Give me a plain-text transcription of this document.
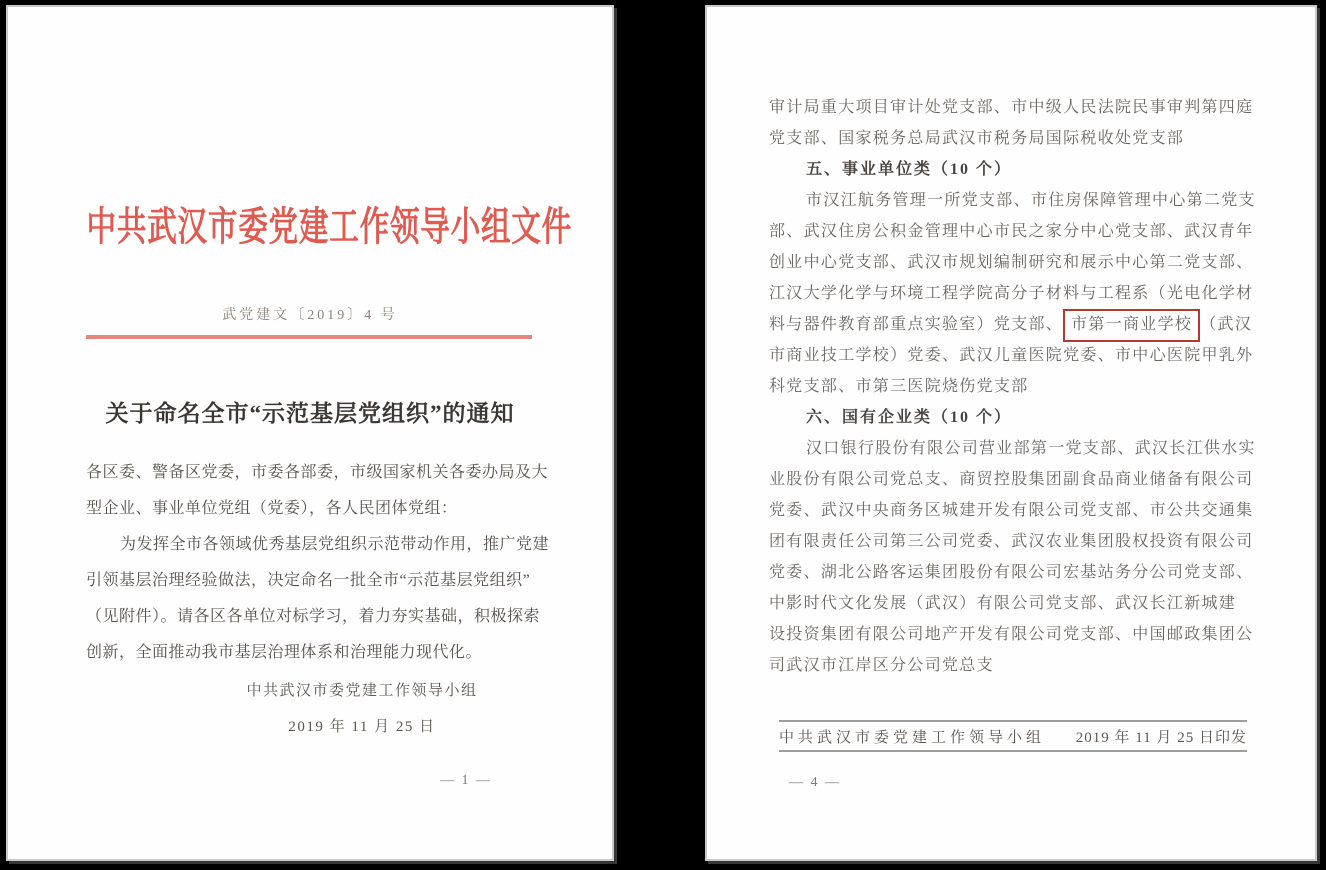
中共武汉市委党建工作领导小组文件
武党建文〔2019〕4 号
关于命名全市“示范基层党组织”的通知
各区委、警备区党委，市委各部委，市级国家机关各委办局及大
型企业、事业单位党组（党委），各人民团体党组：
为发挥全市各领域优秀基层党组织示范带动作用，推广党建
引领基层治理经验做法，决定命名一批全市“示范基层党组织”
（见附件）。请各区各单位对标学习，着力夯实基础，积极探索
创新，全面推动我市基层治理体系和治理能力现代化。
中共武汉市委党建工作领导小组
2019 年 11 月 25 日
— 1 —
审计局重大项目审计处党支部、市中级人民法院民事审判第四庭
党支部、国家税务总局武汉市税务局国际税收处党支部
五、事业单位类（10 个）
市汉江航务管理一所党支部、市住房保障管理中心第二党支
部、武汉住房公积金管理中心市民之家分中心党支部、武汉青年
创业中心党支部、武汉市规划编制研究和展示中心第二党支部、
江汉大学化学与环境工程学院高分子材料与工程系（光电化学材
料与器件教育部重点实验室）党支部、 市第一商业学校 （武汉
市商业技工学校）党委、武汉儿童医院党委、市中心医院甲乳外
科党支部、市第三医院烧伤党支部
六、国有企业类（10 个）
汉口银行股份有限公司营业部第一党支部、武汉长江供水实
业股份有限公司党总支、商贸控股集团副食品商业储备有限公司
党委、武汉中央商务区城建开发有限公司党支部、市公共交通集
团有限责任公司第三公司党委、武汉农业集团股权投资有限公司
党委、湖北公路客运集团股份有限公司宏基站务分公司党支部、
中影时代文化发展（武汉）有限公司党支部、武汉长江新城建
设投资集团有限公司地产开发有限公司党支部、中国邮政集团公
司武汉市江岸区分公司党总支
中共武汉市委党建工作领导小组 2019 年 11 月 25 日印发
— 4 —
